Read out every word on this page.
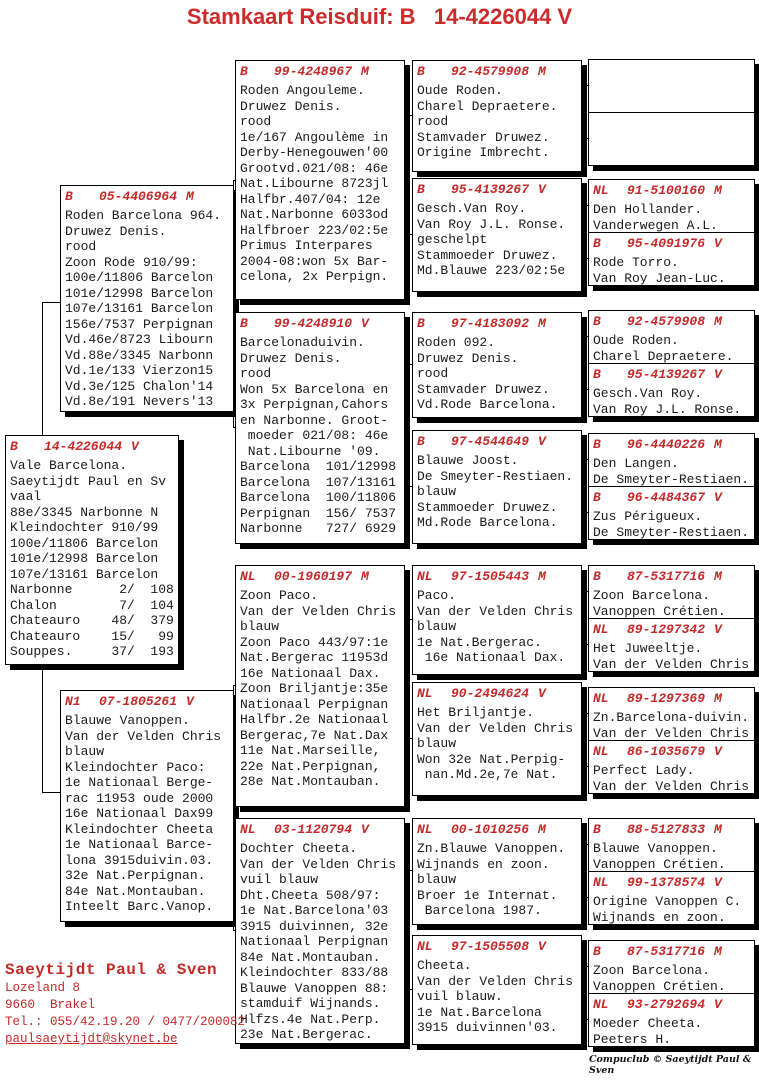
Stamkaart Reisduif: B   14-4226044 V
B	05-4406964 M
Roden Barcelona 964.
Druwez Denis.
rood
Zoon Rode 910/99:
100e/11806 Barcelon
101e/12998 Barcelon
107e/13161 Barcelon
156e/7537 Perpignan
Vd.46e/8723 Libourn
Vd.88e/3345 Narbonn
Vd.1e/133 Vierzon15
Vd.3e/125 Chalon'14
Vd.8e/191 Nevers'13
B	14-4226044 V
Vale Barcelona.
Saeytijdt Paul en Sv
vaal
88e/3345 Narbonne N
Kleindochter 910/99
100e/11806 Barcelon
101e/12998 Barcelon
107e/13161 Barcelon
Narbonne      2/  108
Chalon        7/  104
Chateauro    48/  379
Chateauro    15/   99
Souppes.     37/  193
N1	07-1805261 V
Blauwe Vanoppen.
Van der Velden Chris
blauw
Kleindochter Paco:
1e Nationaal Berge-
rac 11953 oude 2000
16e Nationaal Dax99
Kleindochter Cheeta
1e Nationaal Barce-
lona 3915duivin.03.
32e Nat.Perpignan.
84e Nat.Montauban.
Inteelt Barc.Vanop.
B	99-4248967 M
Roden Angouleme.
Druwez Denis.
rood
1e/167 Angoulème in
Derby-Henegouwen'00
Grootvd.021/08: 46e
Nat.Libourne 8723jl
Halfbr.407/04: 12e
Nat.Narbonne 6033od
Halfbroer 223/02:5e
Primus Interpares
2004-08:won 5x Bar-
celona, 2x Perpign.
B	99-4248910 V
Barcelonaduivin.
Druwez Denis.
rood
Won 5x Barcelona en
3x Perpignan,Cahors
en Narbonne. Groot-
moeder 021/08: 46e
Nat.Libourne '09.
Barcelona  101/12998
Barcelona  107/13161
Barcelona  100/11806
Perpignan  156/ 7537
Narbonne   727/ 6929
NL	00-1960197 M
Zoon Paco.
Van der Velden Chris
blauw
Zoon Paco 443/97:1e
Nat.Bergerac 11953d
16e Nationaal Dax.
Zoon Briljantje:35e
Nationaal Perpignan
Halfbr.2e Nationaal
Bergerac,7e Nat.Dax
11e Nat.Marseille,
22e Nat.Perpignan,
28e Nat.Montauban.
NL	03-1120794 V
Dochter Cheeta.
Van der Velden Chris
vuil blauw
Dht.Cheeta 508/97:
1e Nat.Barcelona'03
3915 duivinnen, 32e
Nationaal Perpignan
84e Nat.Montauban.
Kleindochter 833/88
Blauwe Vanoppen 88:
stamduif Wijnands.
Hlfzs.4e Nat.Perp.
23e Nat.Bergerac.
B	92-4579908 M
Oude Roden.
Charel Depraetere.
rood
Stamvader Druwez.
Origine Imbrecht.
B	95-4139267 V
Gesch.Van Roy.
Van Roy J.L. Ronse.
geschelpt
Stammoeder Druwez.
Md.Blauwe 223/02:5e
B	97-4183092 M
Roden 092.
Druwez Denis.
rood
Stamvader Druwez.
Vd.Rode Barcelona.
B	97-4544649 V
Blauwe Joost.
De Smeyter-Restiaen.
blauw
Stammoeder Druwez.
Md.Rode Barcelona.
NL	97-1505443 M
Paco.
Van der Velden Chris
blauw
1e Nat.Bergerac.
16e Nationaal Dax.
NL	90-2494624 V
Het Briljantje.
Van der Velden Chris
blauw
Won 32e Nat.Perpig-
nan.Md.2e,7e Nat.
NL	00-1010256 M
Zn.Blauwe Vanoppen.
Wijnands en zoon.
blauw
Broer 1e Internat.
Barcelona 1987.
NL	97-1505508 V
Cheeta.
Van der Velden Chris
vuil blauw.
1e Nat.Barcelona
3915 duivinnen'03.
NL	91-5100160 M
Den Hollander.
Vanderwegen A.L.
B	95-4091976 V
Rode Torro.
Van Roy Jean-Luc.
B	92-4579908 M
Oude Roden.
Charel Depraetere.
B	95-4139267 V
Gesch.Van Roy.
Van Roy J.L. Ronse.
B	96-4440226 M
Den Langen.
De Smeyter-Restiaen.
B	96-4484367 V
Zus Périgueux.
De Smeyter-Restiaen.
B	87-5317716 M
Zoon Barcelona.
Vanoppen Crétien.
NL	89-1297342 V
Het Juweeltje.
Van der Velden Chris
NL	89-1297369 M
Zn.Barcelona-duivin.
Van der Velden Chris
NL	86-1035679 V
Perfect Lady.
Van der Velden Chris
B	88-5127833 M
Blauwe Vanoppen.
Vanoppen Crétien.
NL	99-1378574 V
Origine Vanoppen C.
Wijnands en zoon.
B	87-5317716 M
Zoon Barcelona.
Vanoppen Crétien.
NL	93-2792694 V
Moeder Cheeta.
Peeters H.
Saeytijdt Paul & Sven
Lozeland 8
9660  Brakel
Tel.: 055/42.19.20 / 0477/200082
paulsaeytijdt@skynet.be
Compuclub © Saeytijdt Paul & Sven
